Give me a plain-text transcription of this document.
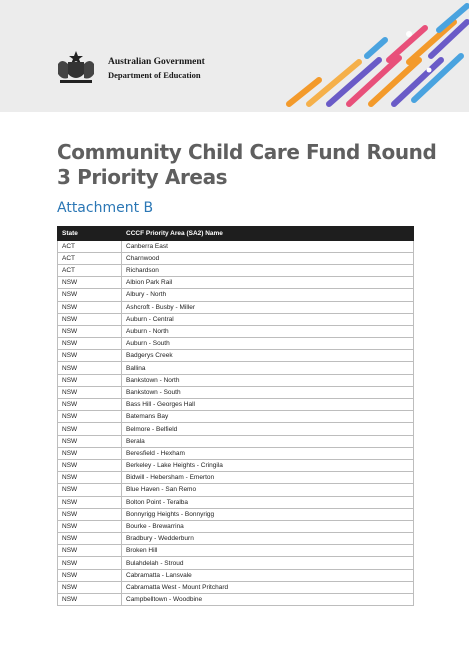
Australian Government
Department of Education
Community Child Care Fund Round 3 Priority Areas
Attachment B
State	CCCF Priority Area (SA2) Name
ACT	Canberra East
ACT	Charnwood
ACT	Richardson
NSW	Albion Park Rail
NSW	Albury - North
NSW	Ashcroft - Busby - Miller
NSW	Auburn - Central
NSW	Auburn - North
NSW	Auburn - South
NSW	Badgerys Creek
NSW	Ballina
NSW	Bankstown - North
NSW	Bankstown - South
NSW	Bass Hill - Georges Hall
NSW	Batemans Bay
NSW	Belmore - Belfield
NSW	Berala
NSW	Beresfield - Hexham
NSW	Berkeley - Lake Heights - Cringila
NSW	Bidwill - Hebersham - Emerton
NSW	Blue Haven - San Remo
NSW	Bolton Point - Teralba
NSW	Bonnyrigg Heights - Bonnyrigg
NSW	Bourke - Brewarrina
NSW	Bradbury - Wedderburn
NSW	Broken Hill
NSW	Bulahdelah - Stroud
NSW	Cabramatta - Lansvale
NSW	Cabramatta West - Mount Pritchard
NSW	Campbelltown - Woodbine
